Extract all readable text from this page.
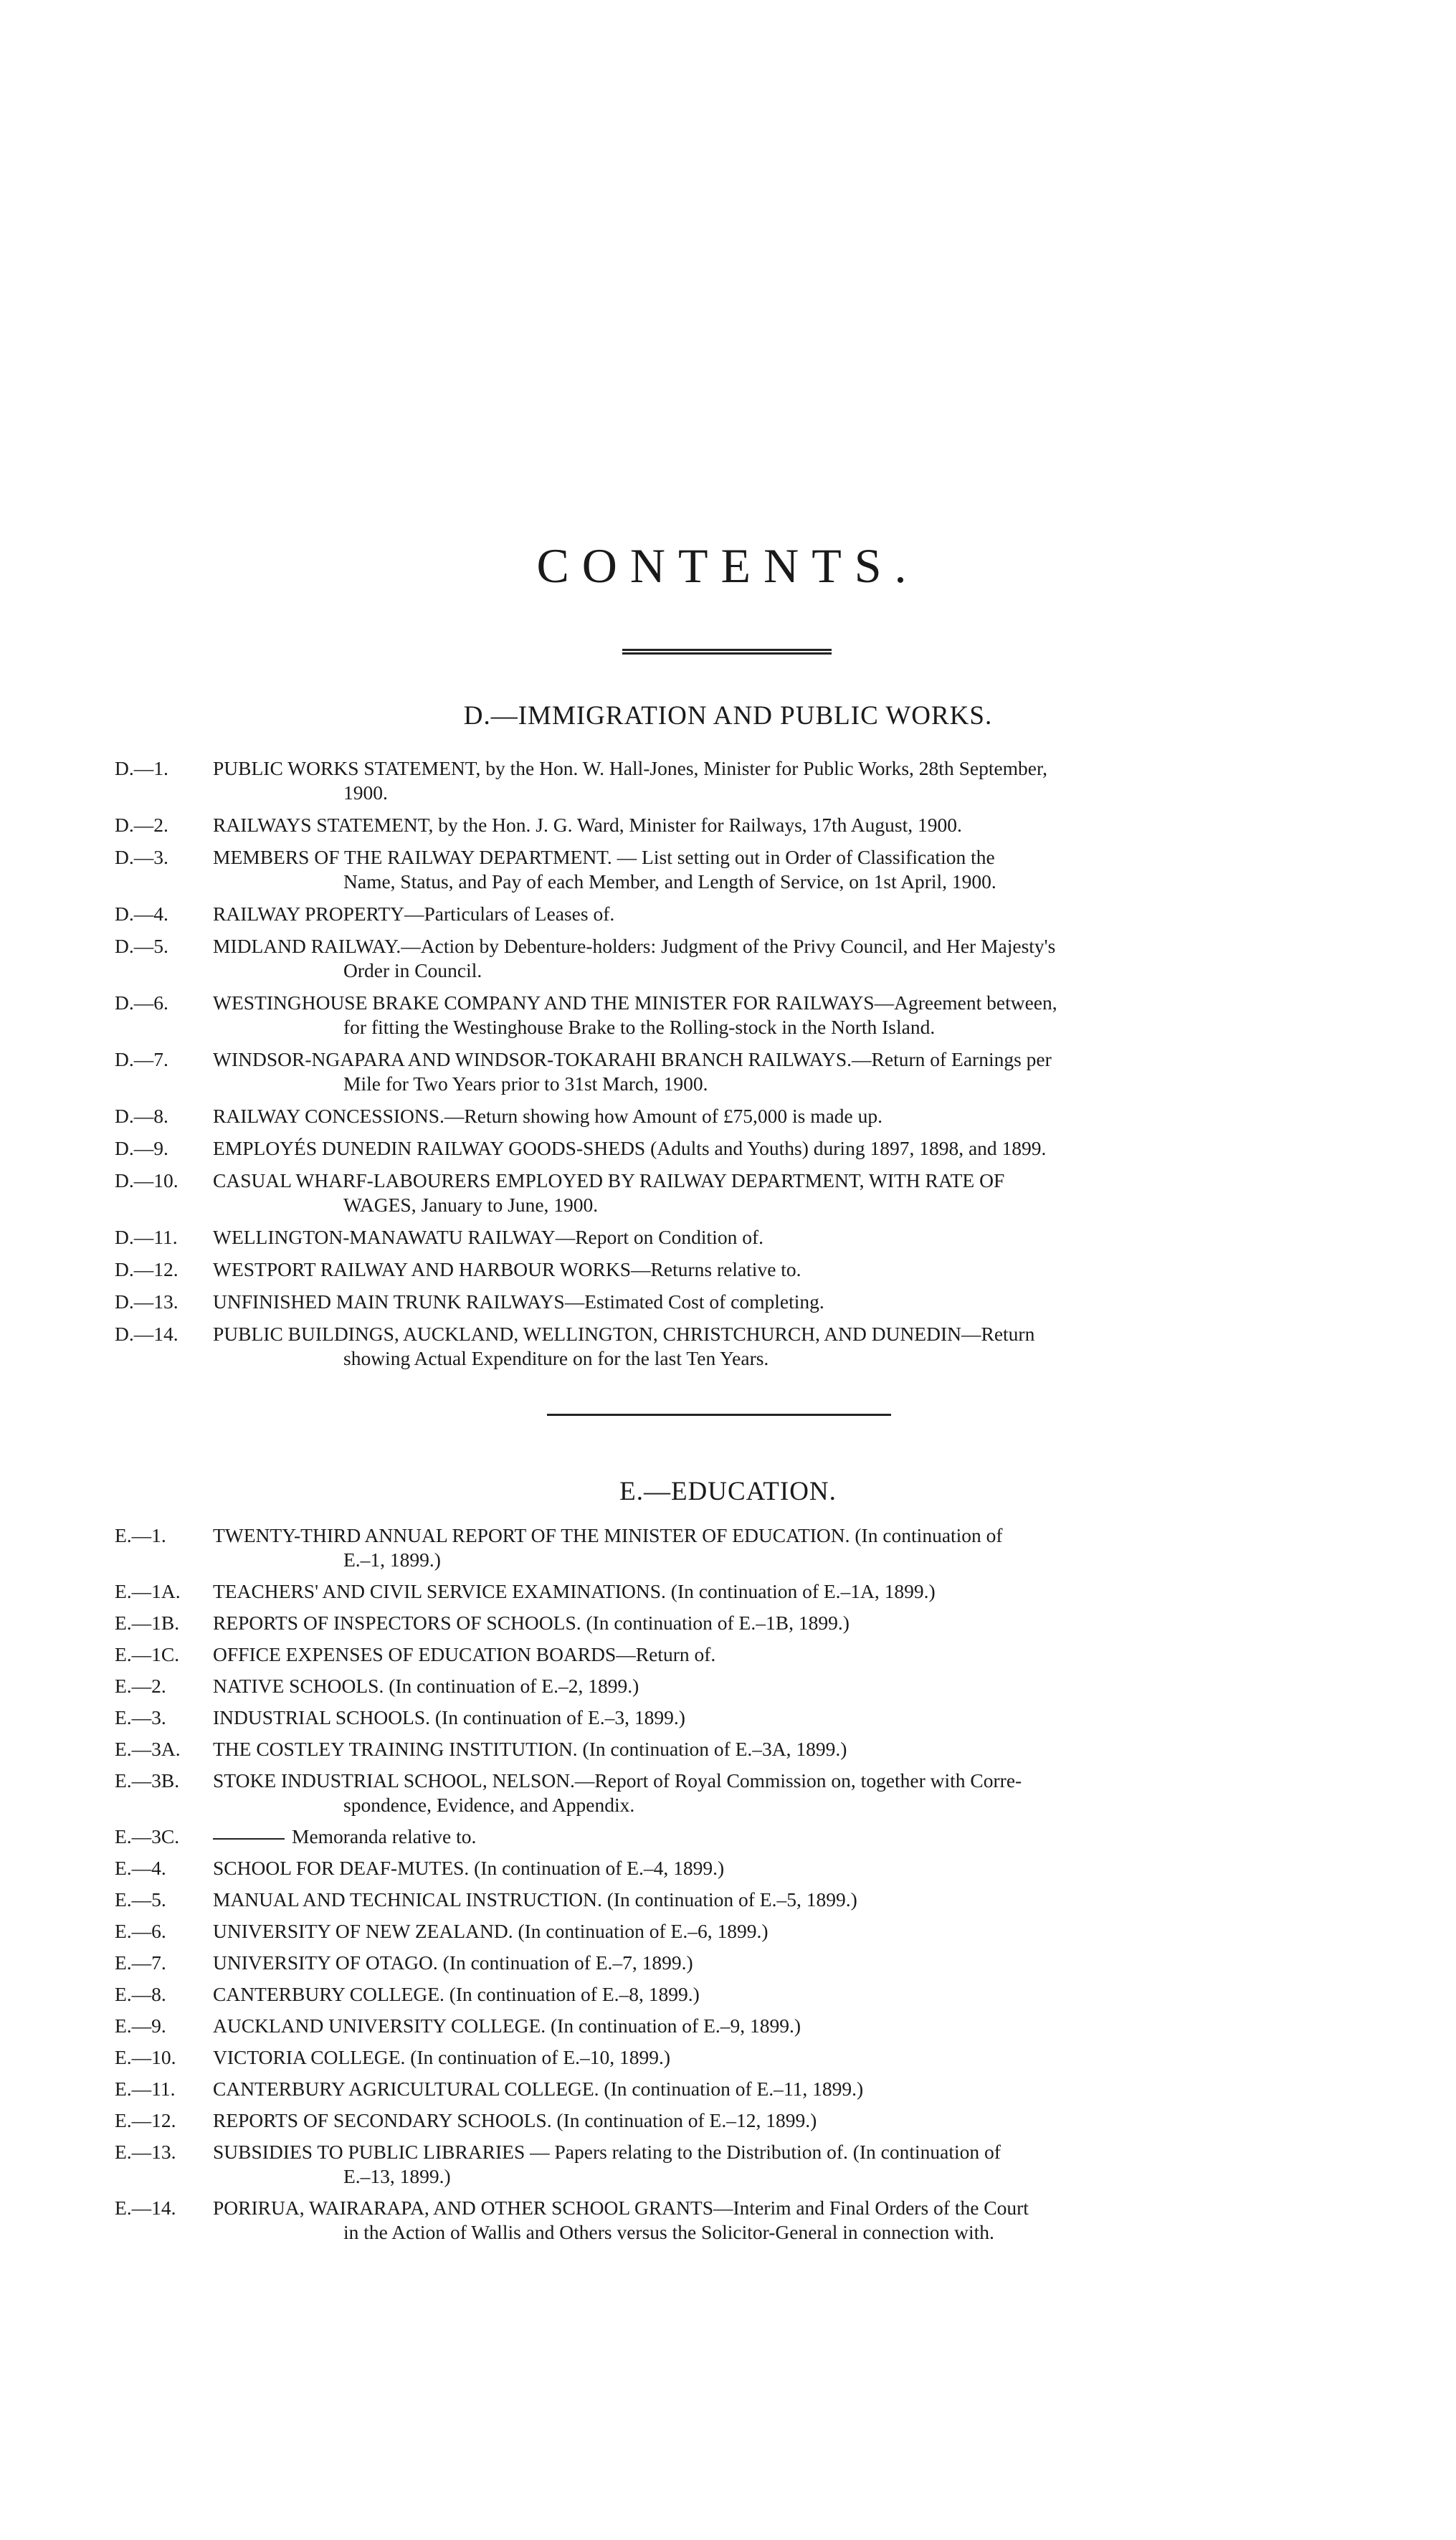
CONTENTS.
D.—IMMIGRATION AND PUBLIC WORKS.
D.—1. PUBLIC WORKS STATEMENT, by the Hon. W. Hall-Jones, Minister for Public Works, 28th September,
1900.
D.—2. RAILWAYS STATEMENT, by the Hon. J. G. Ward, Minister for Railways, 17th August, 1900.
D.—3. MEMBERS OF THE RAILWAY DEPARTMENT. — List setting out in Order of Classification the
Name, Status, and Pay of each Member, and Length of Service, on 1st April, 1900.
D.—4. RAILWAY PROPERTY—Particulars of Leases of.
D.—5. MIDLAND RAILWAY.—Action by Debenture-holders: Judgment of the Privy Council, and Her Majesty's
Order in Council.
D.—6. WESTINGHOUSE BRAKE COMPANY AND THE MINISTER FOR RAILWAYS—Agreement between,
for fitting the Westinghouse Brake to the Rolling-stock in the North Island.
D.—7. WINDSOR-NGAPARA AND WINDSOR-TOKARAHI BRANCH RAILWAYS.—Return of Earnings per
Mile for Two Years prior to 31st March, 1900.
D.—8. RAILWAY CONCESSIONS.—Return showing how Amount of £75,000 is made up.
D.—9. EMPLOYÉS DUNEDIN RAILWAY GOODS-SHEDS (Adults and Youths) during 1897, 1898, and 1899.
D.—10. CASUAL WHARF-LABOURERS EMPLOYED BY RAILWAY DEPARTMENT, WITH RATE OF
WAGES, January to June, 1900.
D.—11. WELLINGTON-MANAWATU RAILWAY—Report on Condition of.
D.—12. WESTPORT RAILWAY AND HARBOUR WORKS—Returns relative to.
D.—13. UNFINISHED MAIN TRUNK RAILWAYS—Estimated Cost of completing.
D.—14. PUBLIC BUILDINGS, AUCKLAND, WELLINGTON, CHRISTCHURCH, AND DUNEDIN—Return
showing Actual Expenditure on for the last Ten Years.
E.—EDUCATION.
E.—1. TWENTY-THIRD ANNUAL REPORT OF THE MINISTER OF EDUCATION. (In continuation of
E.–1, 1899.)
E.—1A. TEACHERS' AND CIVIL SERVICE EXAMINATIONS. (In continuation of E.–1A, 1899.)
E.—1B. REPORTS OF INSPECTORS OF SCHOOLS. (In continuation of E.–1B, 1899.)
E.—1C. OFFICE EXPENSES OF EDUCATION BOARDS—Return of.
E.—2. NATIVE SCHOOLS. (In continuation of E.–2, 1899.)
E.—3. INDUSTRIAL SCHOOLS. (In continuation of E.–3, 1899.)
E.—3A. THE COSTLEY TRAINING INSTITUTION. (In continuation of E.–3A, 1899.)
E.—3B. STOKE INDUSTRIAL SCHOOL, NELSON.—Report of Royal Commission on, together with Corre-
spondence, Evidence, and Appendix.
E.—3C.	Memoranda relative to.
E.—4. SCHOOL FOR DEAF-MUTES. (In continuation of E.–4, 1899.)
E.—5. MANUAL AND TECHNICAL INSTRUCTION. (In continuation of E.–5, 1899.)
E.—6. UNIVERSITY OF NEW ZEALAND. (In continuation of E.–6, 1899.)
E.—7. UNIVERSITY OF OTAGO. (In continuation of E.–7, 1899.)
E.—8. CANTERBURY COLLEGE. (In continuation of E.–8, 1899.)
E.—9. AUCKLAND UNIVERSITY COLLEGE. (In continuation of E.–9, 1899.)
E.—10. VICTORIA COLLEGE. (In continuation of E.–10, 1899.)
E.—11. CANTERBURY AGRICULTURAL COLLEGE. (In continuation of E.–11, 1899.)
E.—12. REPORTS OF SECONDARY SCHOOLS. (In continuation of E.–12, 1899.)
E.—13. SUBSIDIES TO PUBLIC LIBRARIES — Papers relating to the Distribution of. (In continuation of
E.–13, 1899.)
E.—14. PORIRUA, WAIRARAPA, AND OTHER SCHOOL GRANTS—Interim and Final Orders of the Court
in the Action of Wallis and Others versus the Solicitor-General in connection with.
